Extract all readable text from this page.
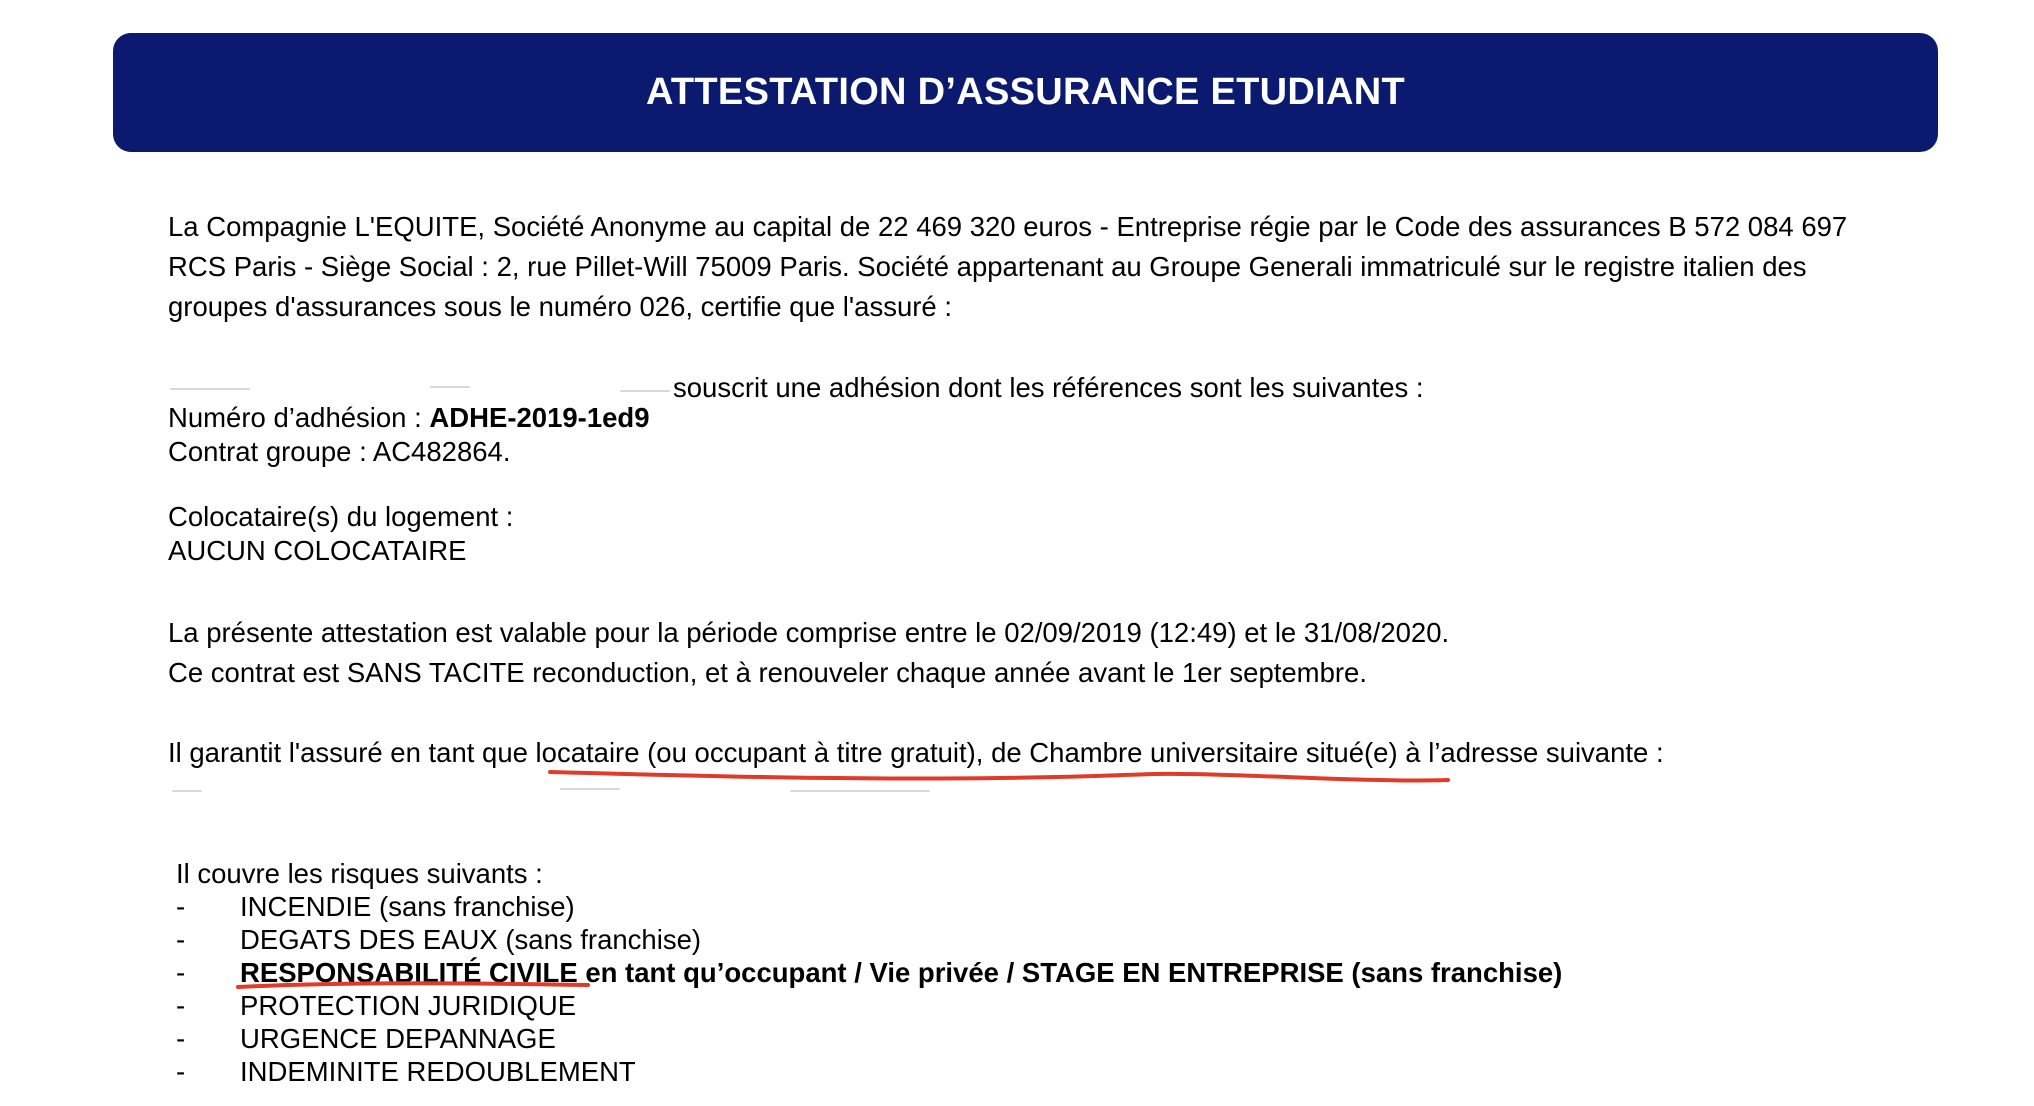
ATTESTATION D’ASSURANCE ETUDIANT
La Compagnie L'EQUITE, Société Anonyme au capital de 22 469 320 euros - Entreprise régie par le Code des assurances B 572 084 697
RCS Paris - Siège Social : 2, rue Pillet-Will 75009 Paris. Société appartenant au Groupe Generali immatriculé sur le registre italien des
groupes d'assurances sous le numéro 026, certifie que l'assuré :
souscrit une adhésion dont les références sont les suivantes :
Numéro d’adhésion : ADHE-2019-1ed9
Contrat groupe : AC482864.
Colocataire(s) du logement :
AUCUN COLOCATAIRE
La présente attestation est valable pour la période comprise entre le 02/09/2019 (12:49) et le 31/08/2020.
Ce contrat est SANS TACITE reconduction, et à renouveler chaque année avant le 1er septembre.
Il garantit l'assuré en tant que locataire (ou occupant à titre gratuit), de Chambre universitaire situé(e) à l’adresse suivante :
Il couvre les risques suivants :
-	INCENDIE (sans franchise)
-	DEGATS DES EAUX (sans franchise)
-	RESPONSABILITÉ CIVILE en tant qu’occupant / Vie privée / STAGE EN ENTREPRISE (sans franchise)
-	PROTECTION JURIDIQUE
-	URGENCE DEPANNAGE
-	INDEMINITE REDOUBLEMENT
